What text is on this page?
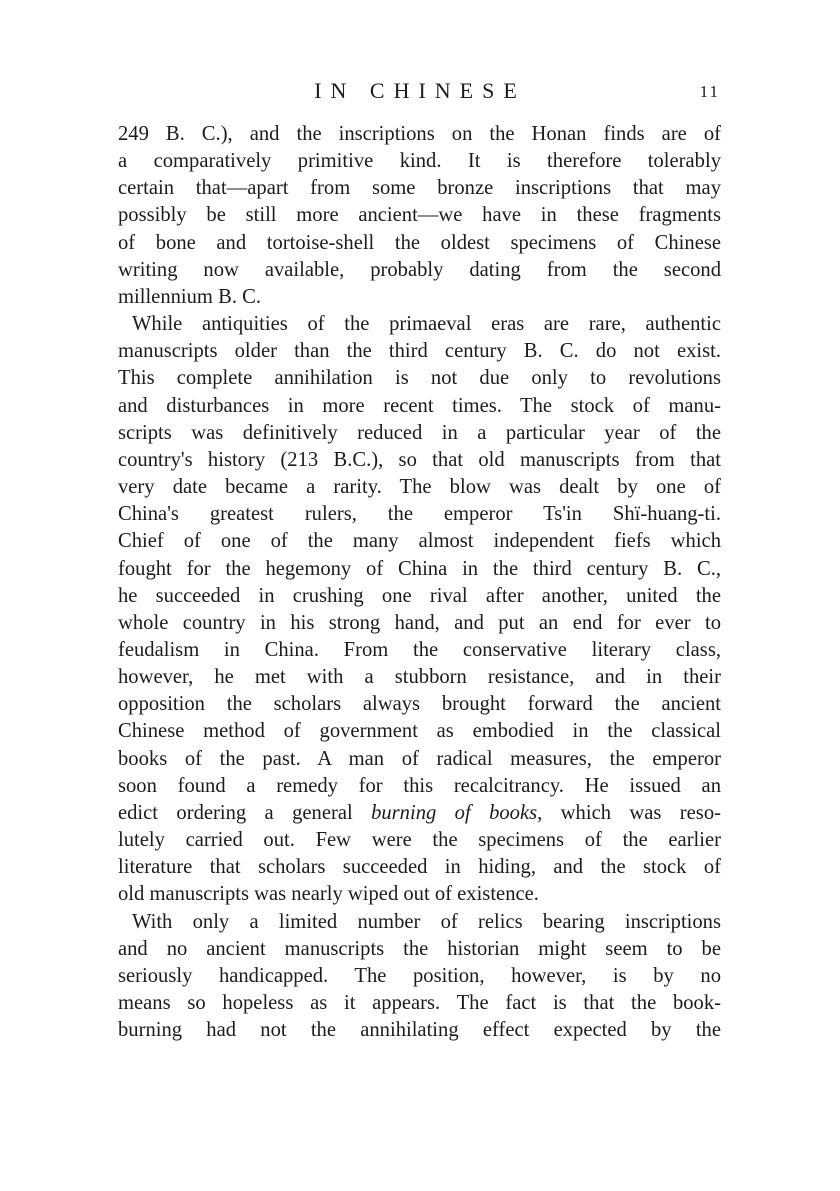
IN CHINESE	11

249 B. C.), and the inscriptions on the Honan finds are of
a comparatively primitive kind. It is therefore tolerably
certain that—apart from some bronze inscriptions that may
possibly be still more ancient—we have in these fragments
of bone and tortoise-shell the oldest specimens of Chinese
writing now available, probably dating from the second
millennium B. C.

While antiquities of the primaeval eras are rare, authentic
manuscripts older than the third century B. C. do not exist.
This complete annihilation is not due only to revolutions
and disturbances in more recent times. The stock of manu-
scripts was definitively reduced in a particular year of the
country's history (213 B.C.), so that old manuscripts from that
very date became a rarity. The blow was dealt by one of
China's greatest rulers, the emperor Ts'in Shï-huang-ti.
Chief of one of the many almost independent fiefs which
fought for the hegemony of China in the third century B. C.,
he succeeded in crushing one rival after another, united the
whole country in his strong hand, and put an end for ever to
feudalism in China. From the conservative literary class,
however, he met with a stubborn resistance, and in their
opposition the scholars always brought forward the ancient
Chinese method of government as embodied in the classical
books of the past. A man of radical measures, the emperor
soon found a remedy for this recalcitrancy. He issued an
edict ordering a general burning of books, which was reso-
lutely carried out. Few were the specimens of the earlier
literature that scholars succeeded in hiding, and the stock of
old manuscripts was nearly wiped out of existence.

With only a limited number of relics bearing inscriptions
and no ancient manuscripts the historian might seem to be
seriously handicapped. The position, however, is by no
means so hopeless as it appears. The fact is that the book-
burning had not the annihilating effect expected by the
